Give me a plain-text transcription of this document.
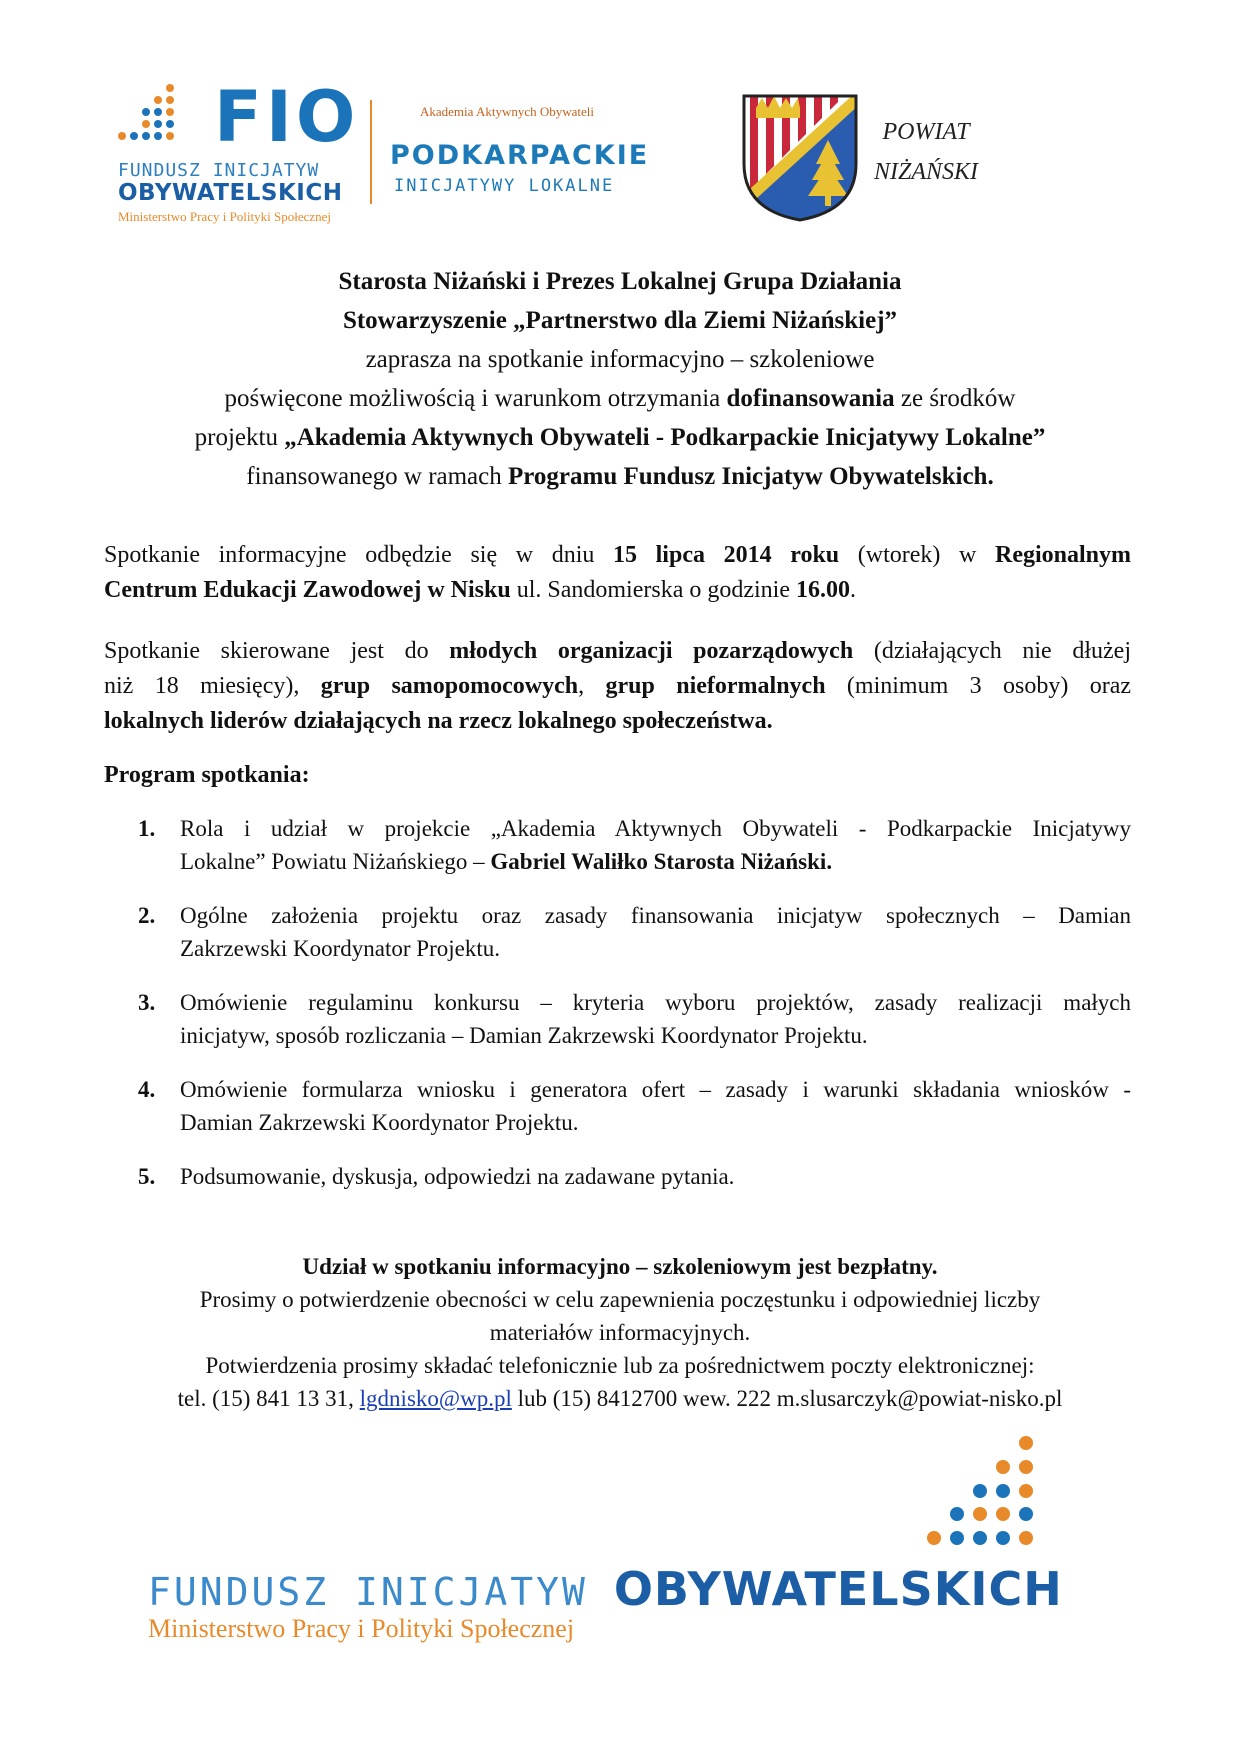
FIO
FUNDUSZ INICJATYW
OBYWATELSKICH
Ministerstwo Pracy i Polityki Społecznej
Akademia Aktywnych Obywateli
PODKARPACKIE
INICJATYWY LOKALNE
POWIAT
NIŻAŃSKI
Starosta Niżański i Prezes Lokalnej Grupa Działania
Stowarzyszenie „Partnerstwo dla Ziemi Niżańskiej”
zaprasza na spotkanie informacyjno – szkoleniowe
poświęcone możliwością i warunkom otrzymania dofinansowania ze środków
projektu „Akademia Aktywnych Obywateli - Podkarpackie Inicjatywy Lokalne”
finansowanego w ramach Programu Fundusz Inicjatyw Obywatelskich.
Spotkanie informacyjne odbędzie się w dniu 15 lipca 2014 roku (wtorek) w Regionalnym
Centrum Edukacji Zawodowej w Nisku ul. Sandomierska o godzinie 16.00.
Spotkanie skierowane jest do młodych organizacji pozarządowych (działających nie dłużej
niż 18 miesięcy), grup samopomocowych, grup nieformalnych (minimum 3 osoby) oraz
lokalnych liderów działających na rzecz lokalnego społeczeństwa.
Program spotkania:
1. Rola i udział w projekcie „Akademia Aktywnych Obywateli - Podkarpackie Inicjatywy
Lokalne” Powiatu Niżańskiego – Gabriel Waliłko Starosta Niżański.
2. Ogólne założenia projektu oraz zasady finansowania inicjatyw społecznych – Damian
Zakrzewski Koordynator Projektu.
3. Omówienie regulaminu konkursu – kryteria wyboru projektów, zasady realizacji małych
inicjatyw, sposób rozliczania – Damian Zakrzewski Koordynator Projektu.
4. Omówienie formularza wniosku i generatora ofert – zasady i warunki składania wniosków -
Damian Zakrzewski Koordynator Projektu.
5. Podsumowanie, dyskusja, odpowiedzi na zadawane pytania.
Udział w spotkaniu informacyjno – szkoleniowym jest bezpłatny.
Prosimy o potwierdzenie obecności w celu zapewnienia poczęstunku i odpowiedniej liczby
materiałów informacyjnych.
Potwierdzenia prosimy składać telefonicznie lub za pośrednictwem poczty elektronicznej:
tel. (15) 841 13 31, lgdnisko@wp.pl lub (15) 8412700 wew. 222 m.slusarczyk@powiat-nisko.pl
FUNDUSZ INICJATYW OBYWATELSKICH
Ministerstwo Pracy i Polityki Społecznej
